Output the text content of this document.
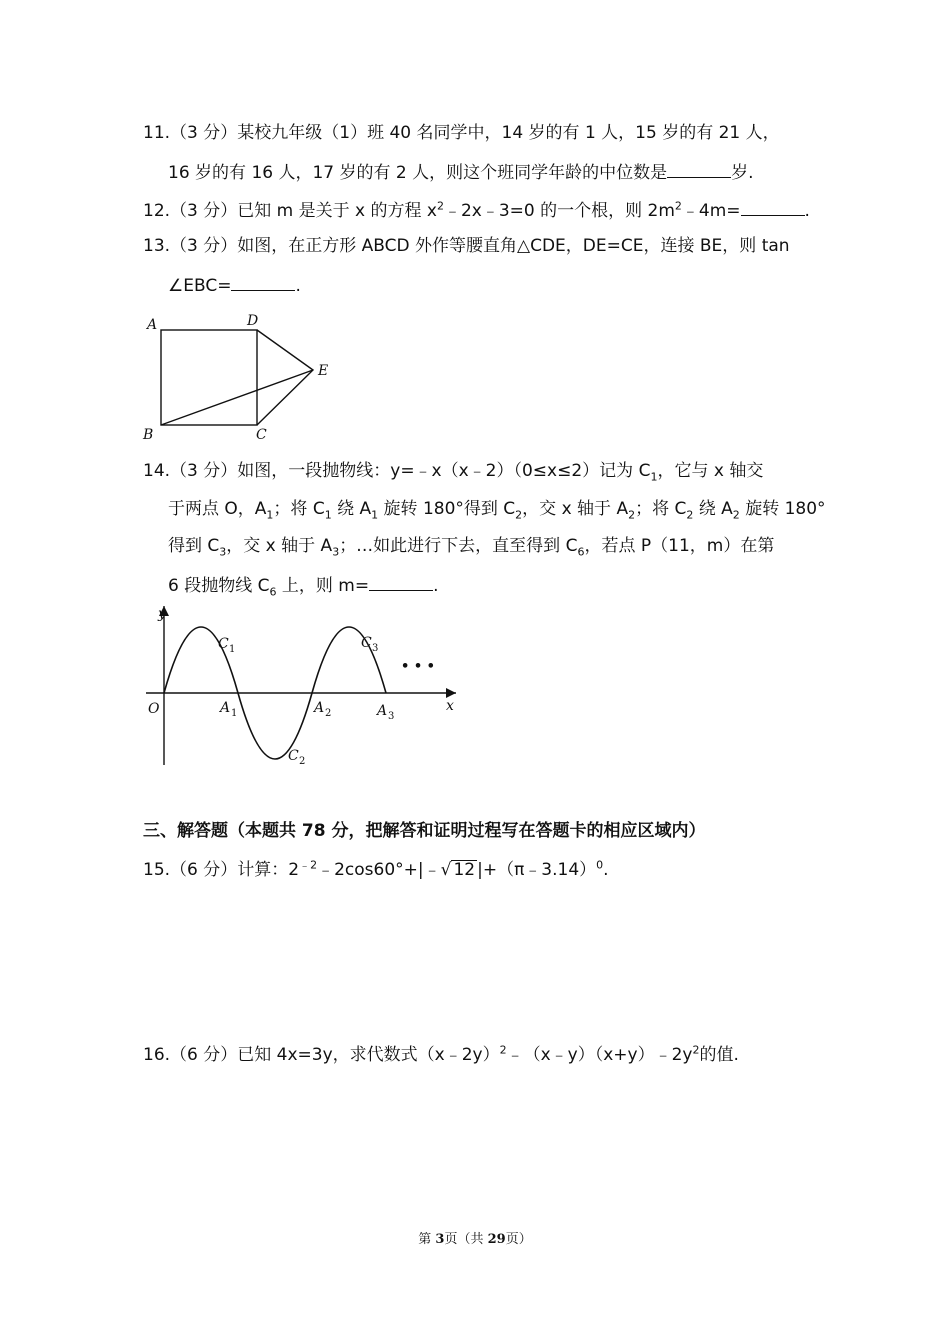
11.（3 分）某校九年级（1）班 40 名同学中，14 岁的有 1 人，15 岁的有 21 人，
16 岁的有 16 人，17 岁的有 2 人，则这个班同学年龄的中位数是	岁.
12.（3 分）已知 m 是关于 x 的方程 $x^2﹣2x﹣3=0$ 的一个根，则 $2m^2﹣4m=$	.
13.（3 分）如图，在正方形 ABCD 外作等腰直角△CDE，DE=CE，连接 BE，则 tan
∠EBC=	.
A	D
E
B	C
14.（3 分）如图，一段抛物线：y=﹣x（x﹣2）（0≤x≤2）记为 $C_1$，它与 x 轴交
于两点 O，$A_1$；将 $C_1$ 绕 $A_1$ 旋转 180°得到 $C_2$，交 x 轴于 $A_2$；将 $C_2$ 绕 $A_2$ 旋转 180°
得到 $C_3$，交 x 轴于 $A_3$；…如此进行下去，直至得到 $C_6$，若点 P（11，m）在第
6 段抛物线 $C_6$ 上，则 m=	.
y
x
O
C 1
C 2
C 3
A 1	A 2	A 3
• • •
三、解答题（本题共 78 分，把解答和证明过程写在答题卡的相应区域内）
15.（6 分）计算：$2^{﹣2}﹣2\cos 60^\circ+|﹣√$ 12 |+（π﹣3.14）$^0$.
16.（6 分）已知 4x=3y，求代数式$(x﹣2y)^2﹣(x﹣y)(x+y)﹣2y^2$的值.
第 3页（共 29页）
